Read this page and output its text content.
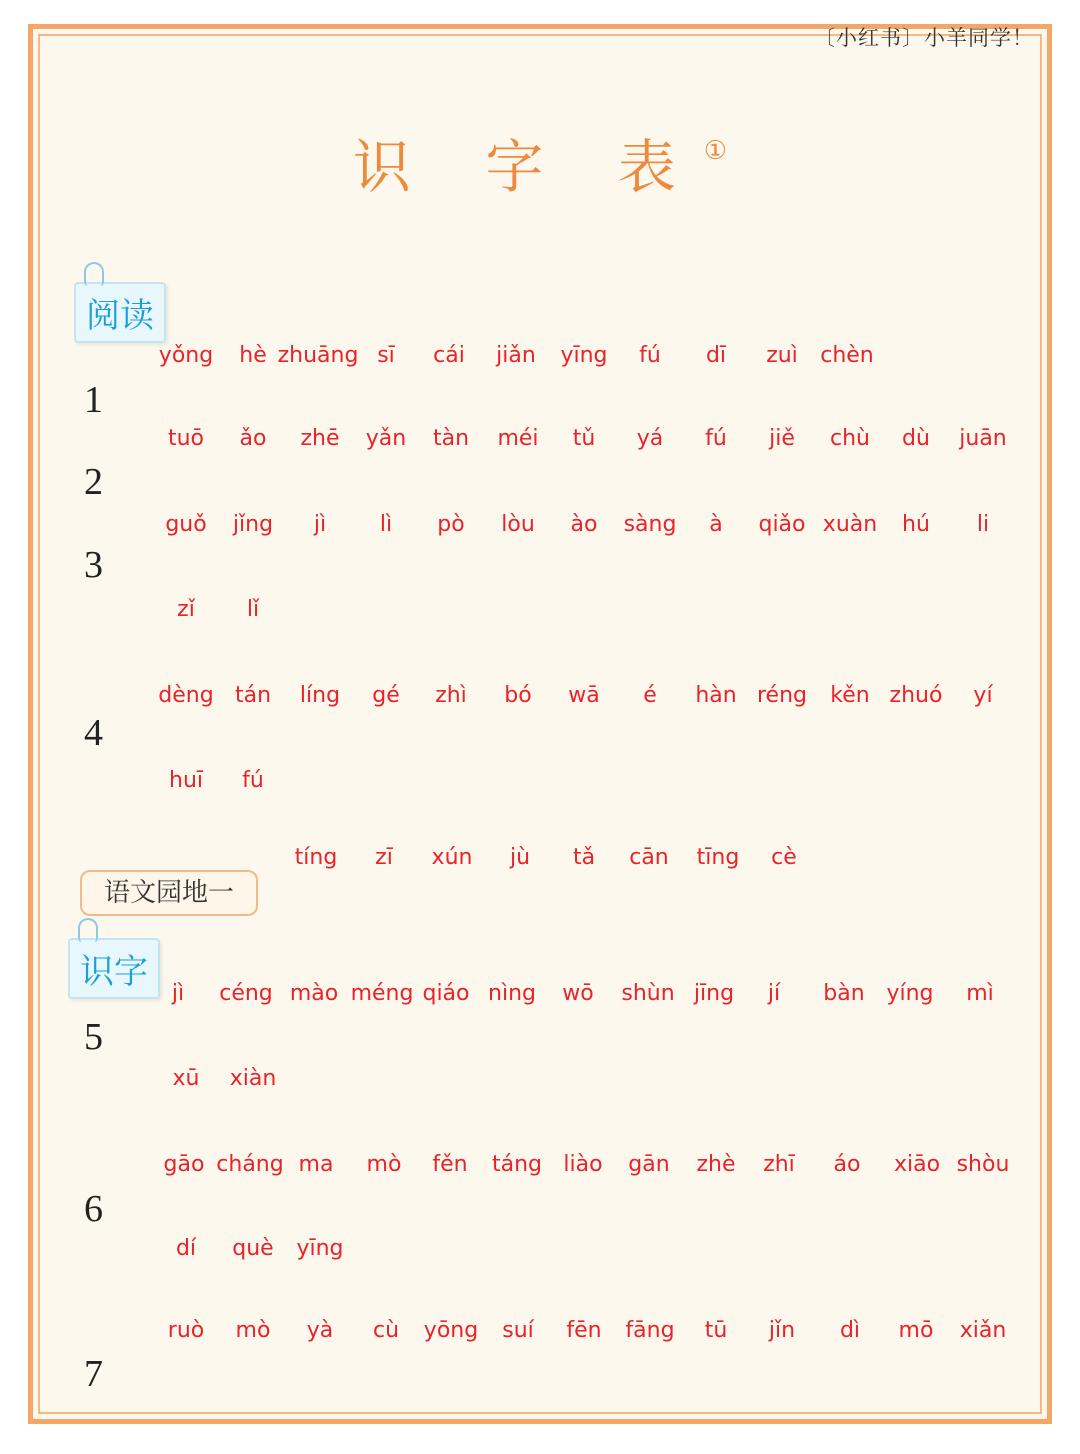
〔小红书〕小羊同学！
识 字 表①
阅读
语文园地一
识字
1
2
3
4
5
6
7
yǒng hè zhuāng sī cái jiǎn yīng fú dī zuì chèn
tuō ǎo zhē yǎn tàn méi tǔ yá fú jiě chù dù juān
guǒ jǐng jì lì pò lòu ào sàng à qiǎo xuàn hú li
zǐ lǐ
dèng tán líng gé zhì bó wā é hàn réng kěn zhuó yí
huī fú
tíng zī xún jù tǎ cān tīng cè
jì céng mào méng qiáo nìng wō shùn jīng jí bàn yíng mì
xū xiàn
gāo cháng ma mò fěn táng liào gān zhè zhī áo xiāo shòu
dí què yīng
ruò mò yà cù yōng suí fēn fāng tū jǐn dì mō xiǎn
